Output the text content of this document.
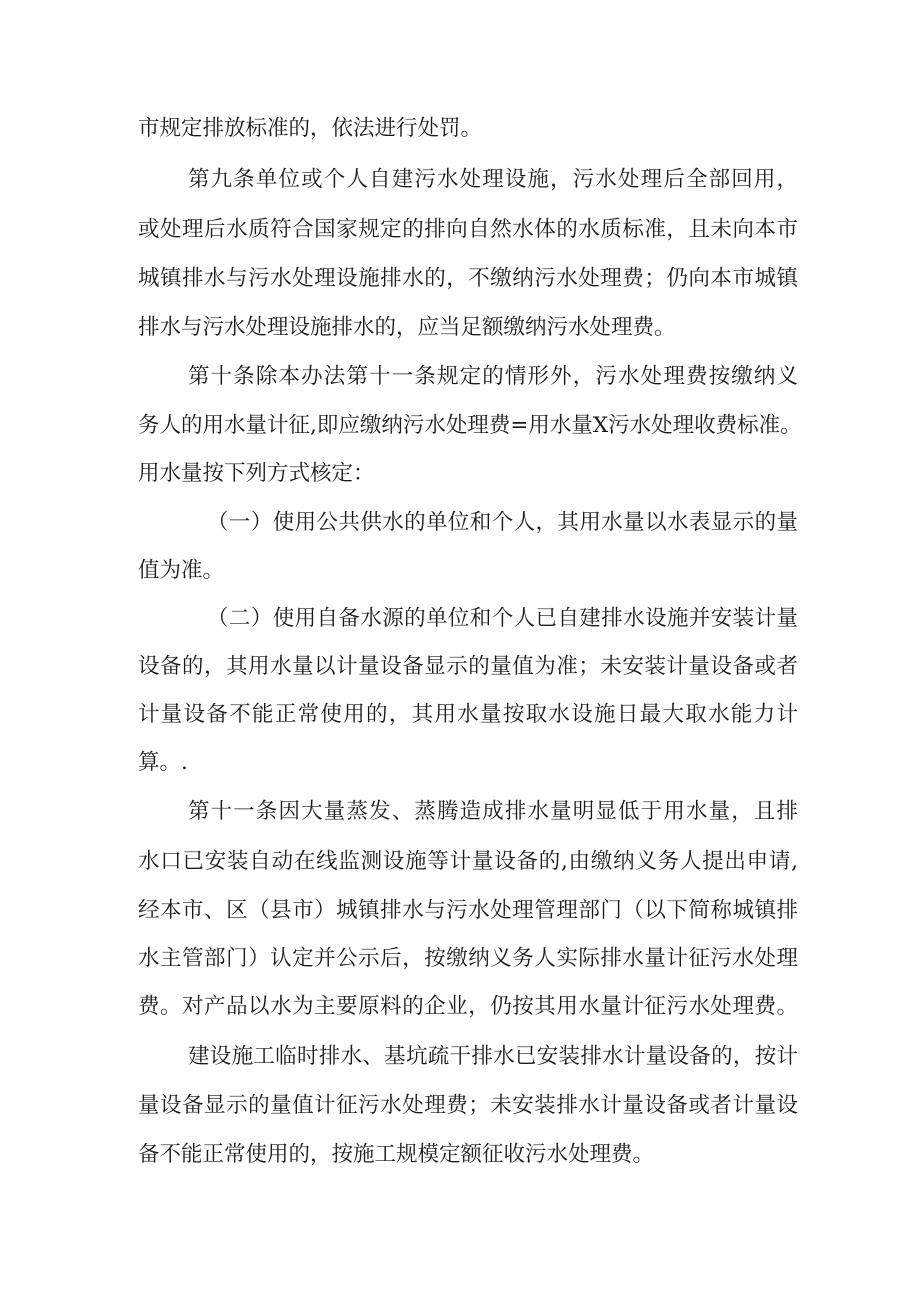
市规定排放标准的，依法进行处罚。
第九条单位或个人自建污水处理设施，污水处理后全部回用，
或处理后水质符合国家规定的排向自然水体的水质标准，且未向本市
城镇排水与污水处理设施排水的，不缴纳污水处理费；仍向本市城镇
排水与污水处理设施排水的，应当足额缴纳污水处理费。
第十条除本办法第十一条规定的情形外，污水处理费按缴纳义
务人的用水量计征,即应缴纳污水处理费=用水量X污水处理收费标准。
用水量按下列方式核定：
（一）使用公共供水的单位和个人，其用水量以水表显示的量
值为准。
（二）使用自备水源的单位和个人已自建排水设施并安装计量
设备的，其用水量以计量设备显示的量值为准；未安装计量设备或者
计量设备不能正常使用的，其用水量按取水设施日最大取水能力计
算。.
第十一条因大量蒸发、蒸腾造成排水量明显低于用水量，且排
水口已安装自动在线监测设施等计量设备的,由缴纳义务人提出申请,
经本市、区（县市）城镇排水与污水处理管理部门（以下简称城镇排
水主管部门）认定并公示后，按缴纳义务人实际排水量计征污水处理
费。对产品以水为主要原料的企业，仍按其用水量计征污水处理费。
建设施工临时排水、基坑疏干排水已安装排水计量设备的，按计
量设备显示的量值计征污水处理费；未安装排水计量设备或者计量设
备不能正常使用的，按施工规模定额征收污水处理费。
